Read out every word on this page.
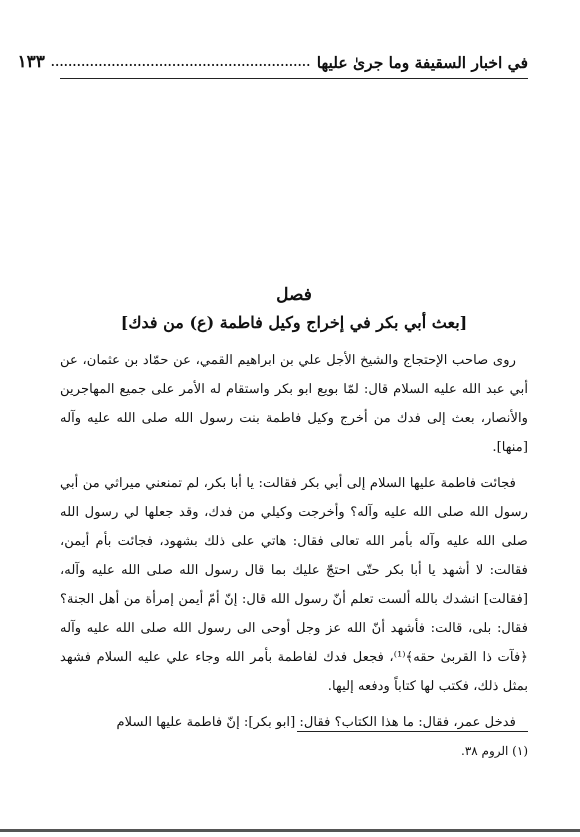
في اخبار السقيفة وما جرىٰ عليها
............................................................
١٣٣
فصل
[بعث أبي بكر في إخراج وكيل فاطمة (ع) من فدك]

روى صاحب الإحتجاج والشيخ الأجل علي بن ابراهيم القمي، عن حمّاد بن عثمان، عن أبي عبد الله عليه السلام قال: لمّا بويع ابو بكر واستقام له الأمر على جميع المهاجرين والأنصار، بعث إلى فدك من أخرج وكيل فاطمة بنت رسول الله صلى الله عليه وآله [منها].

فجائت فاطمة عليها السلام إلى أبي بكر فقالت: يا أبا بكر، لم تمنعني ميراثي من أبي رسول الله صلى الله عليه وآله؟ وأخرجت وكيلي من فدك، وقد جعلها لي رسول الله صلى الله عليه وآله بأمر الله تعالى فقال: هاتي على ذلك بشهود، فجائت بأم أيمن، فقالت: لا أشهد يا أبا بكر حتّى احتجّ عليك بما قال رسول الله صلى الله عليه وآله، [فقالت] انشدك بالله ألست تعلم أنّ رسول الله قال: إنّ أمّ أيمن إمرأة من أهل الجنة؟ فقال: بلى، قالت: فأشهد أنّ الله عز وجل أوحى الى رسول الله صلى الله عليه وآله ﴿فآت ذا القربىٰ حقه﴾⁽¹⁾، فجعل فدك لفاطمة بأمر الله وجاء علي عليه السلام فشهد بمثل ذلك، فكتب لها كتاباً ودفعه إليها.

فدخل عمر، فقال: ما هذا الكتاب؟ فقال: [ابو بكر]: إنّ فاطمة عليها السلام

(١) الروم ٣٨.
